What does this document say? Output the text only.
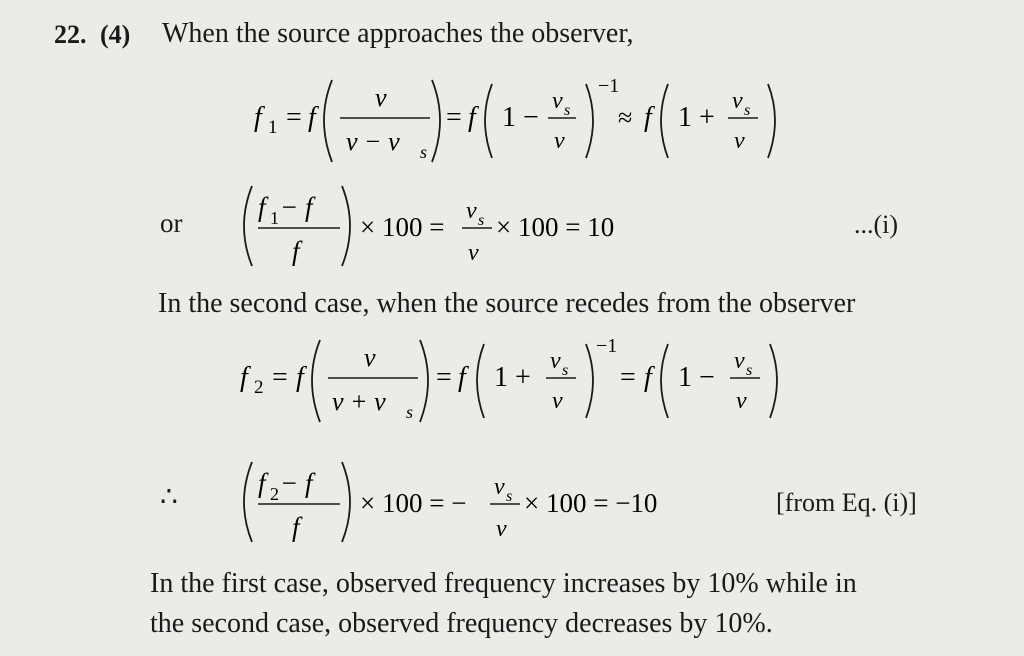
22. (4) When the source approaches the observer,
f 1 = f
v
v − v s
= f 1 −
v s
v
−1
≈ f 1 +
v s
v
or
f 1 − f
f
× 100 =
v s
v
× 100 = 10	...(i)
In the second case, when the source recedes from the observer
f 2 = f
v
v + v s
= f 1 +
v s
v
−1
= f 1 −
v s
v
∴	f 2 − f
f
× 100 = −
v s
v
× 100 = −10	[from Eq. (i)]
In the first case, observed frequency increases by 10% while in
the second case, observed frequency decreases by 10%.
